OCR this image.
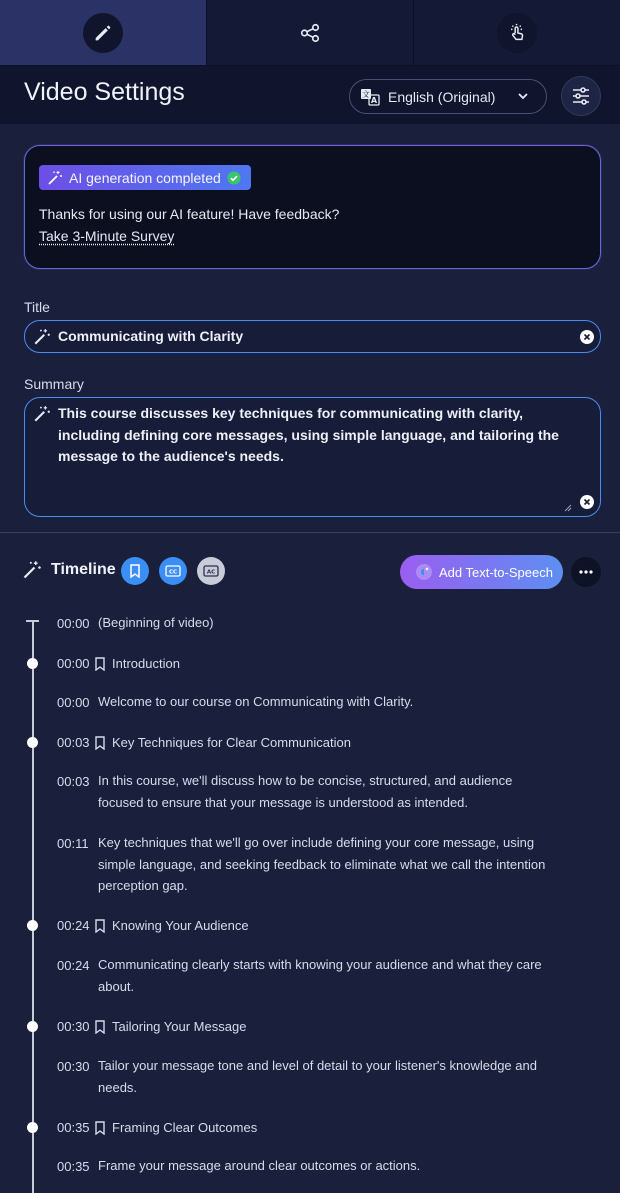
Video Settings	文
A English (Original)
AI generation completed
Thanks for using our AI feature! Have feedback?
Take 3-Minute Survey
Title
Communicating with Clarity
Summary
This course discusses key techniques for communicating with clarity, including defining core messages, using simple language, and tailoring the message to the audience's needs.
Timeline	CC	AC	Add Text-to-Speech
00:00 (Beginning of video)
00:00 Introduction
00:00 Welcome to our course on Communicating with Clarity.
00:03 Key Techniques for Clear Communication
00:03 In this course, we'll discuss how to be concise, structured, and audience focused to ensure that your message is understood as intended.
00:11 Key techniques that we'll go over include defining your core message, using simple language, and seeking feedback to eliminate what we call the intention perception gap.
00:24 Knowing Your Audience
00:24 Communicating clearly starts with knowing your audience and what they care about.
00:30 Tailoring Your Message
00:30 Tailor your message tone and level of detail to your listener's knowledge and needs.
00:35 Framing Clear Outcomes
00:35 Frame your message around clear outcomes or actions.
